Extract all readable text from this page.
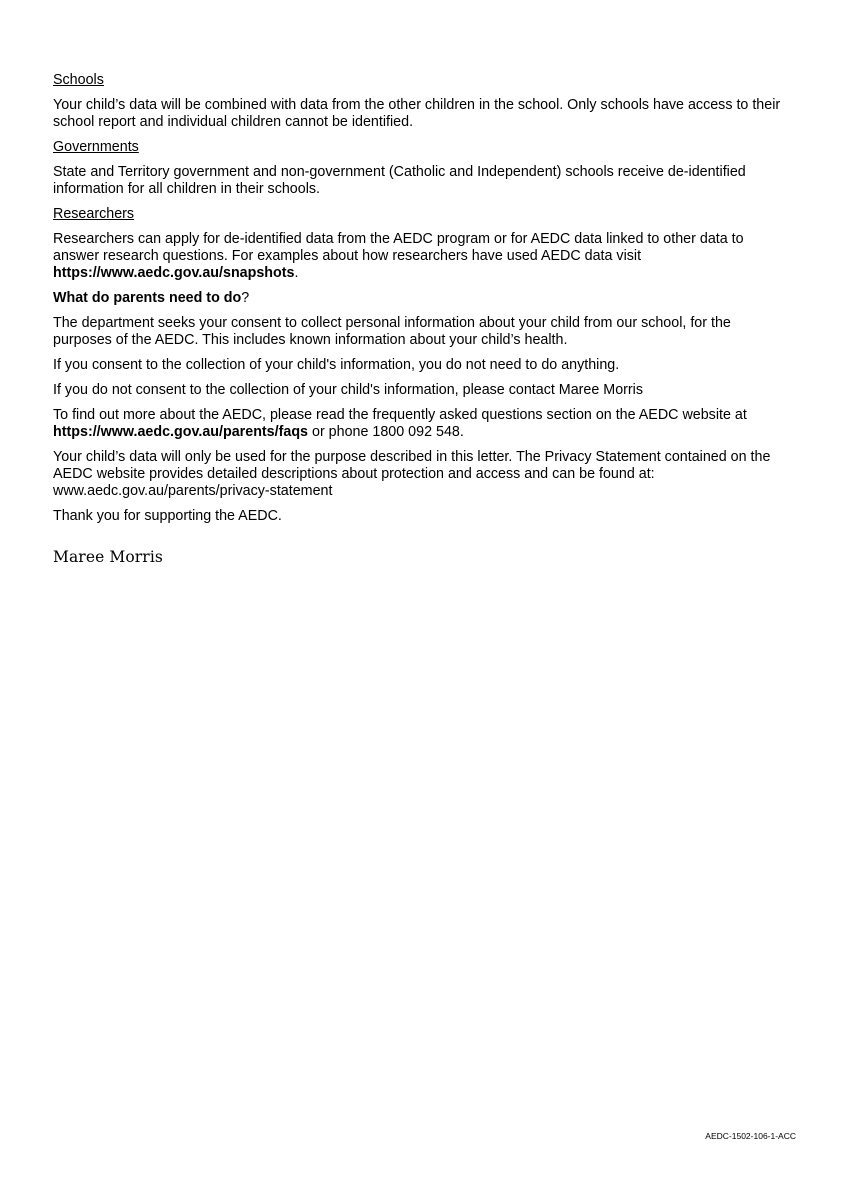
Schools
Your child’s data will be combined with data from the other children in the school. Only schools have access to their school report and individual children cannot be identified.
Governments
State and Territory government and non-government (Catholic and Independent) schools receive de-identified information for all children in their schools.
Researchers
Researchers can apply for de-identified data from the AEDC program or for AEDC data linked to other data to answer research questions. For examples about how researchers have used AEDC data visit https://www.aedc.gov.au/snapshots.
What do parents need to do?
The department seeks your consent to collect personal information about your child from our school, for the purposes of the AEDC. This includes known information about your child’s health.
If you consent to the collection of your child's information, you do not need to do anything.
If you do not consent to the collection of your child's information, please contact Maree Morris
To find out more about the AEDC, please read the frequently asked questions section on the AEDC website at https://www.aedc.gov.au/parents/faqs or phone 1800 092 548.
Your child’s data will only be used for the purpose described in this letter. The Privacy Statement contained on the AEDC website provides detailed descriptions about protection and access and can be found at: www.aedc.gov.au/parents/privacy-statement
Thank you for supporting the AEDC.
Maree Morris
AEDC-1502-106-1-ACC
